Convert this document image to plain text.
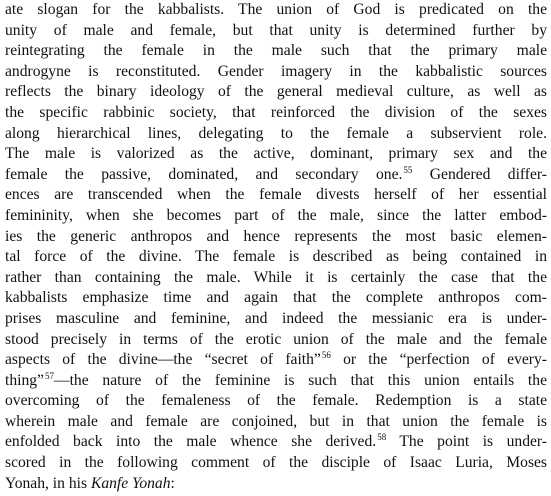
ate slogan for the kabbalists. The union of God is predicated on the
unity of male and female, but that unity is determined further by
reintegrating the female in the male such that the primary male
androgyne is reconstituted. Gender imagery in the kabbalistic sources
reflects the binary ideology of the general medieval culture, as well as
the specific rabbinic society, that reinforced the division of the sexes
along hierarchical lines, delegating to the female a subservient role.
The male is valorized as the active, dominant, primary sex and the
female the passive, dominated, and secondary one.$^{55}$ Gendered differ-
ences are transcended when the female divests herself of her essential
femininity, when she becomes part of the male, since the latter embod-
ies the generic anthropos and hence represents the most basic elemen-
tal force of the divine. The female is described as being contained in
rather than containing the male. While it is certainly the case that the
kabbalists emphasize time and again that the complete anthropos com-
prises masculine and feminine, and indeed the messianic era is under-
stood precisely in terms of the erotic union of the male and the female
aspects of the divine—the “secret of faith”$^{56}$ or the “perfection of every-
thing”$^{57}$—the nature of the feminine is such that this union entails the
overcoming of the femaleness of the female. Redemption is a state
wherein male and female are conjoined, but in that union the female is
enfolded back into the male whence she derived.$^{58}$ The point is under-
scored in the following comment of the disciple of Isaac Luria, Moses
Yonah, in his Kanfe Yonah:
